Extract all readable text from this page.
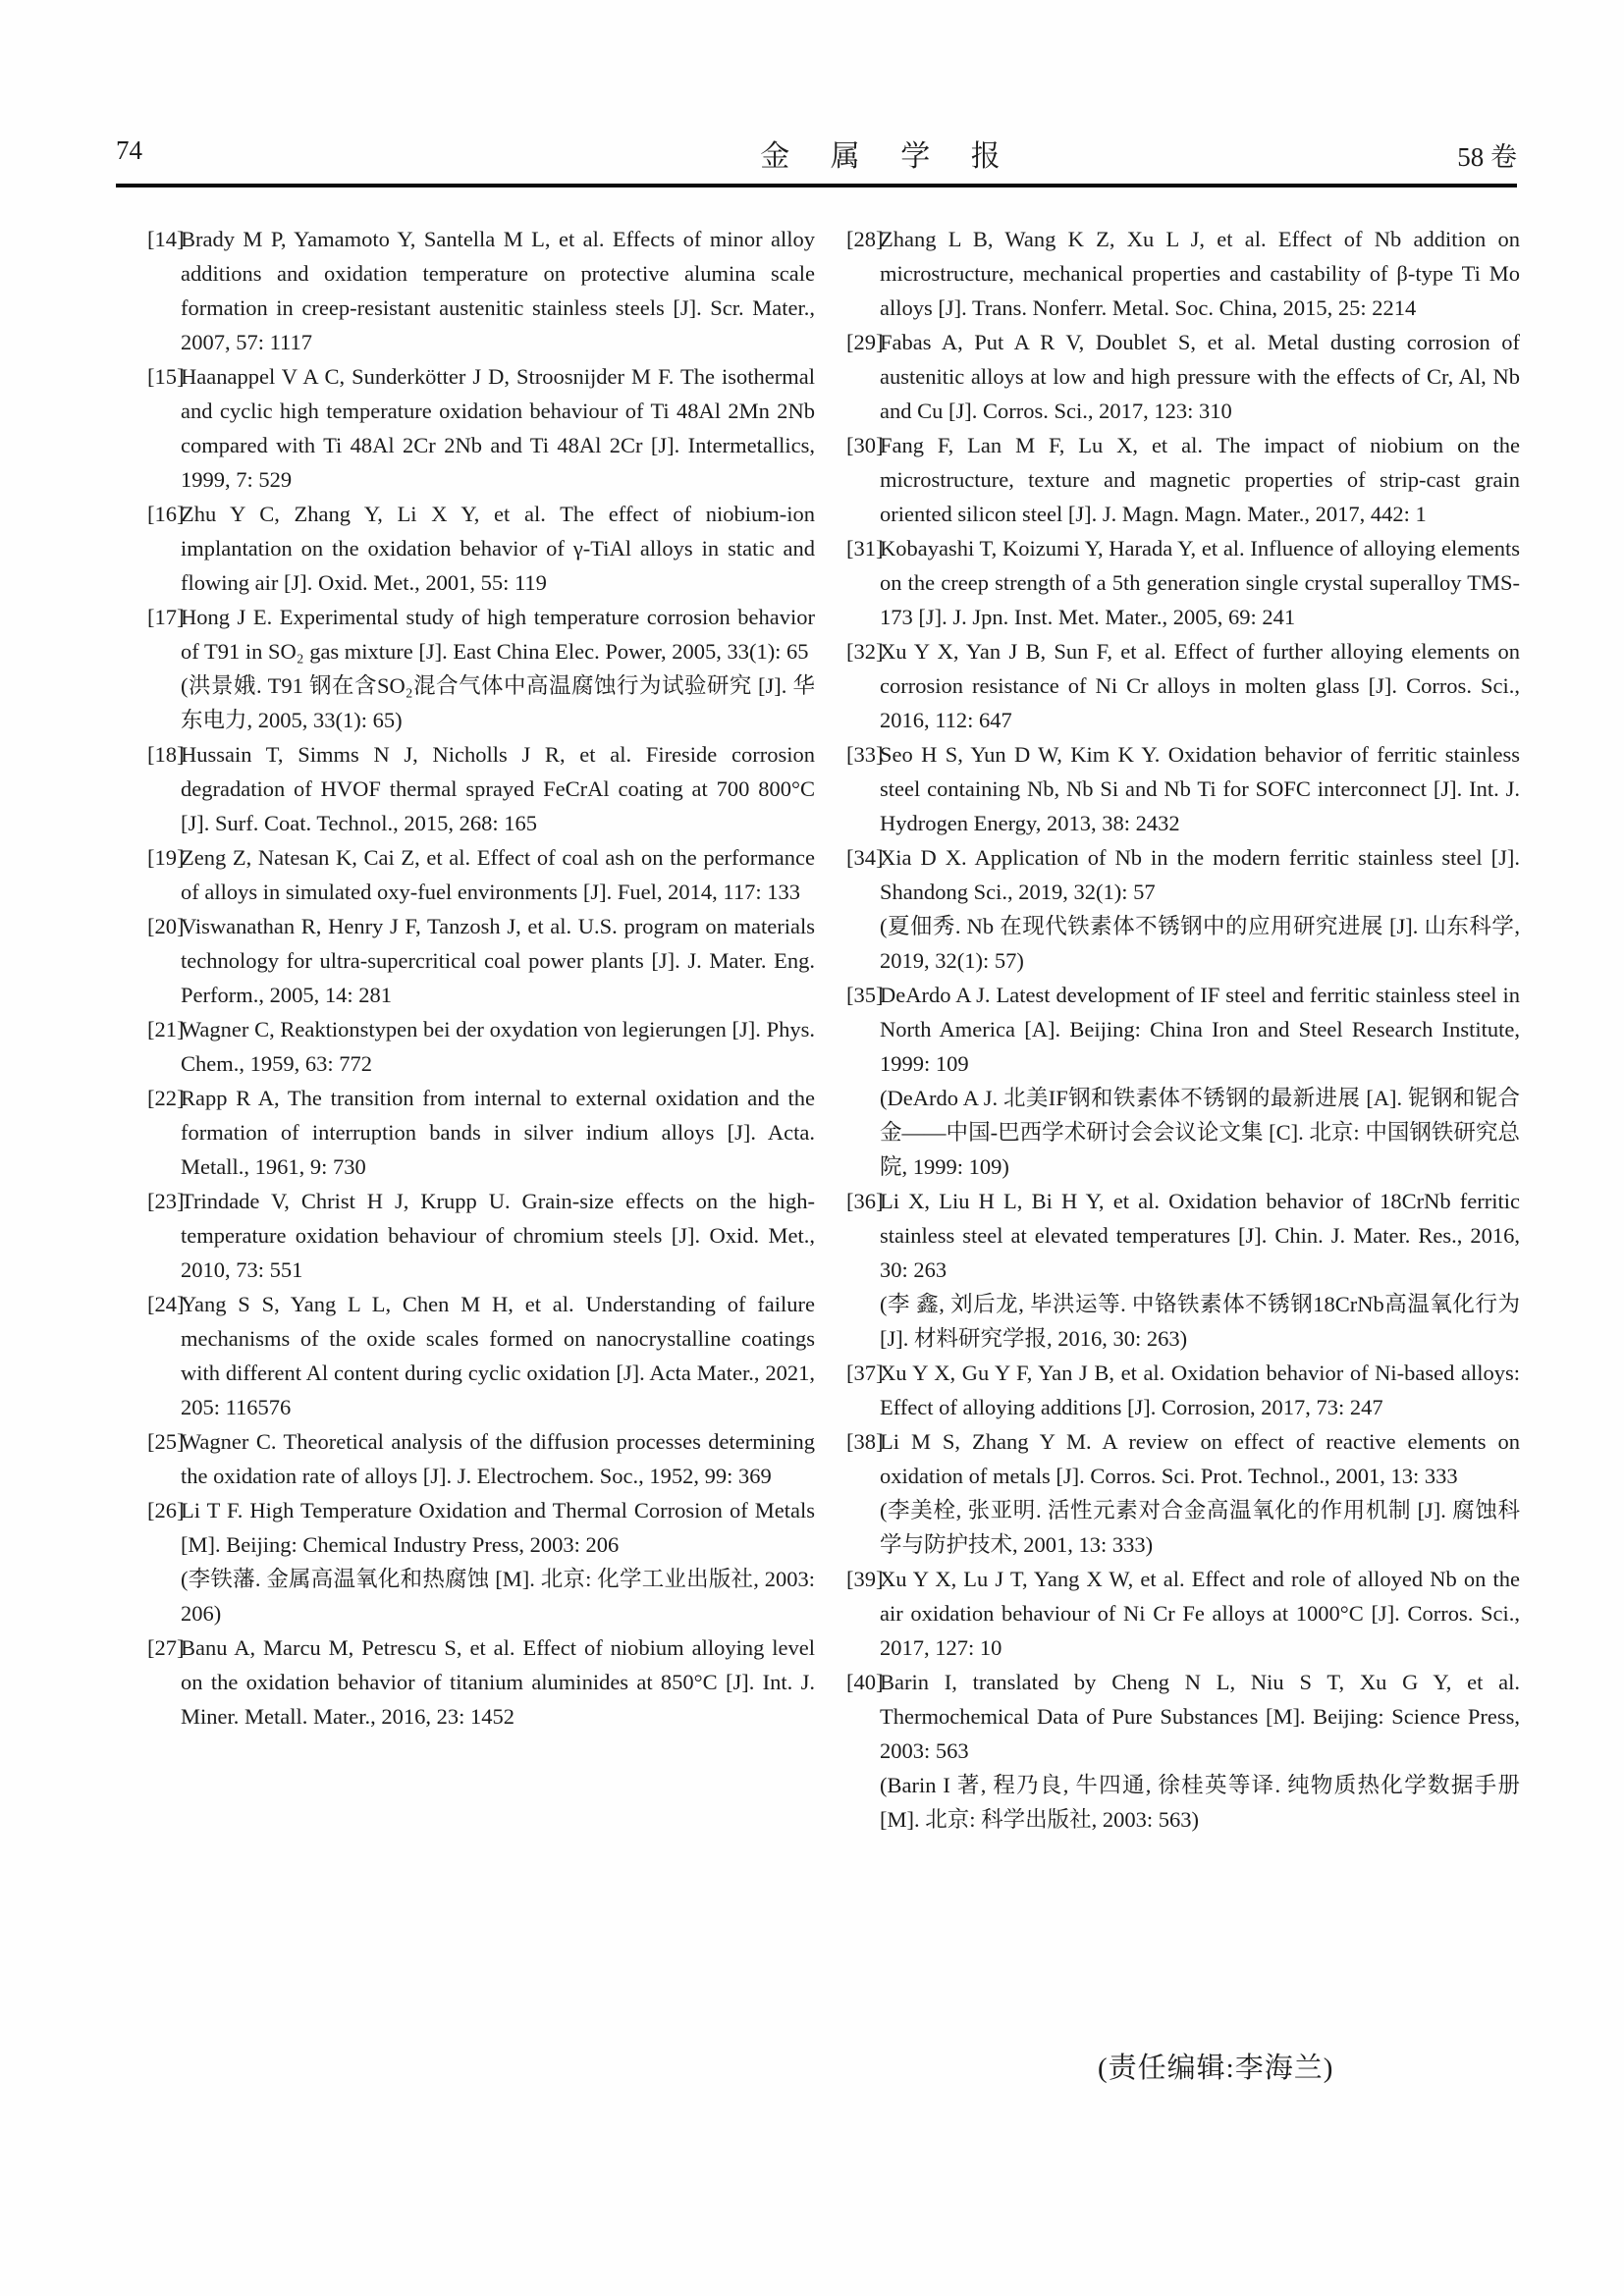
74	金 属 学 报	58 卷

[14]
Brady M P, Yamamoto Y, Santella M L, et al. Effects of minor alloy additions and oxidation temperature on protective alumina scale formation in creep-resistant austenitic stainless steels [J]. Scr. Mater., 2007, 57: 1117

[15]
Haanappel V A C, Sunderkötter J D, Stroosnijder M F. The isothermal and cyclic high temperature oxidation behaviour of Ti 48Al 2Mn 2Nb compared with Ti 48Al 2Cr 2Nb and Ti 48Al 2Cr [J]. Intermetallics, 1999, 7: 529

[16]
Zhu Y C, Zhang Y, Li X Y, et al. The effect of niobium-ion implantation on the oxidation behavior of γ-TiAl alloys in static and flowing air [J]. Oxid. Met., 2001, 55: 119

[17]
Hong J E. Experimental study of high temperature corrosion behavior of T91 in SO₂ gas mixture [J]. East China Elec. Power, 2005, 33(1): 65
(洪景娥. T91 钢在含SO₂混合气体中高温腐蚀行为试验研究 [J]. 华东电力, 2005, 33(1): 65)

[18]
Hussain T, Simms N J, Nicholls J R, et al. Fireside corrosion degradation of HVOF thermal sprayed FeCrAl coating at 700 800°C [J]. Surf. Coat. Technol., 2015, 268: 165

[19]
Zeng Z, Natesan K, Cai Z, et al. Effect of coal ash on the performance of alloys in simulated oxy-fuel environments [J]. Fuel, 2014, 117: 133

[20]
Viswanathan R, Henry J F, Tanzosh J, et al. U.S. program on materials technology for ultra-supercritical coal power plants [J]. J. Mater. Eng. Perform., 2005, 14: 281

[21]
Wagner C, Reaktionstypen bei der oxydation von legierungen [J]. Phys. Chem., 1959, 63: 772

[22]
Rapp R A, The transition from internal to external oxidation and the formation of interruption bands in silver indium alloys [J]. Acta. Metall., 1961, 9: 730

[23]
Trindade V, Christ H J, Krupp U. Grain-size effects on the high-temperature oxidation behaviour of chromium steels [J]. Oxid. Met., 2010, 73: 551

[24]
Yang S S, Yang L L, Chen M H, et al. Understanding of failure mechanisms of the oxide scales formed on nanocrystalline coatings with different Al content during cyclic oxidation [J]. Acta Mater., 2021, 205: 116576

[25]
Wagner C. Theoretical analysis of the diffusion processes determining the oxidation rate of alloys [J]. J. Electrochem. Soc., 1952, 99: 369

[26]
Li T F. High Temperature Oxidation and Thermal Corrosion of Metals [M]. Beijing: Chemical Industry Press, 2003: 206
(李铁藩. 金属高温氧化和热腐蚀 [M]. 北京: 化学工业出版社, 2003: 206)

[27]
Banu A, Marcu M, Petrescu S, et al. Effect of niobium alloying level on the oxidation behavior of titanium aluminides at 850°C [J]. Int. J. Miner. Metall. Mater., 2016, 23: 1452

[28]
Zhang L B, Wang K Z, Xu L J, et al. Effect of Nb addition on microstructure, mechanical properties and castability of β-type Ti Mo alloys [J]. Trans. Nonferr. Metal. Soc. China, 2015, 25: 2214

[29]
Fabas A, Put A R V, Doublet S, et al. Metal dusting corrosion of austenitic alloys at low and high pressure with the effects of Cr, Al, Nb and Cu [J]. Corros. Sci., 2017, 123: 310

[30]
Fang F, Lan M F, Lu X, et al. The impact of niobium on the microstructure, texture and magnetic properties of strip-cast grain oriented silicon steel [J]. J. Magn. Magn. Mater., 2017, 442: 1

[31]
Kobayashi T, Koizumi Y, Harada Y, et al. Influence of alloying elements on the creep strength of a 5th generation single crystal superalloy TMS-173 [J]. J. Jpn. Inst. Met. Mater., 2005, 69: 241

[32]
Xu Y X, Yan J B, Sun F, et al. Effect of further alloying elements on corrosion resistance of Ni Cr alloys in molten glass [J]. Corros. Sci., 2016, 112: 647

[33]
Seo H S, Yun D W, Kim K Y. Oxidation behavior of ferritic stainless steel containing Nb, Nb Si and Nb Ti for SOFC interconnect [J]. Int. J. Hydrogen Energy, 2013, 38: 2432

[34]
Xia D X. Application of Nb in the modern ferritic stainless steel [J]. Shandong Sci., 2019, 32(1): 57
(夏佃秀. Nb 在现代铁素体不锈钢中的应用研究进展 [J]. 山东科学, 2019, 32(1): 57)

[35]
DeArdo A J. Latest development of IF steel and ferritic stainless steel in North America [A]. Beijing: China Iron and Steel Research Institute, 1999: 109
(DeArdo A J. 北美IF钢和铁素体不锈钢的最新进展 [A]. 铌钢和铌合金——中国-巴西学术研讨会会议论文集 [C]. 北京: 中国钢铁研究总院, 1999: 109)

[36]
Li X, Liu H L, Bi H Y, et al. Oxidation behavior of 18CrNb ferritic stainless steel at elevated temperatures [J]. Chin. J. Mater. Res., 2016, 30: 263
(李 鑫, 刘后龙, 毕洪运等. 中铬铁素体不锈钢18CrNb高温氧化行为 [J]. 材料研究学报, 2016, 30: 263)

[37]
Xu Y X, Gu Y F, Yan J B, et al. Oxidation behavior of Ni-based alloys: Effect of alloying additions [J]. Corrosion, 2017, 73: 247

[38]
Li M S, Zhang Y M. A review on effect of reactive elements on oxidation of metals [J]. Corros. Sci. Prot. Technol., 2001, 13: 333
(李美栓, 张亚明. 活性元素对合金高温氧化的作用机制 [J]. 腐蚀科学与防护技术, 2001, 13: 333)

[39]
Xu Y X, Lu J T, Yang X W, et al. Effect and role of alloyed Nb on the air oxidation behaviour of Ni Cr Fe alloys at 1000°C [J]. Corros. Sci., 2017, 127: 10

[40]
Barin I, translated by Cheng N L, Niu S T, Xu G Y, et al. Thermochemical Data of Pure Substances [M]. Beijing: Science Press, 2003: 563
(Barin I 著, 程乃良, 牛四通, 徐桂英等译. 纯物质热化学数据手册 [M]. 北京: 科学出版社, 2003: 563)

(责任编辑:李海兰)
